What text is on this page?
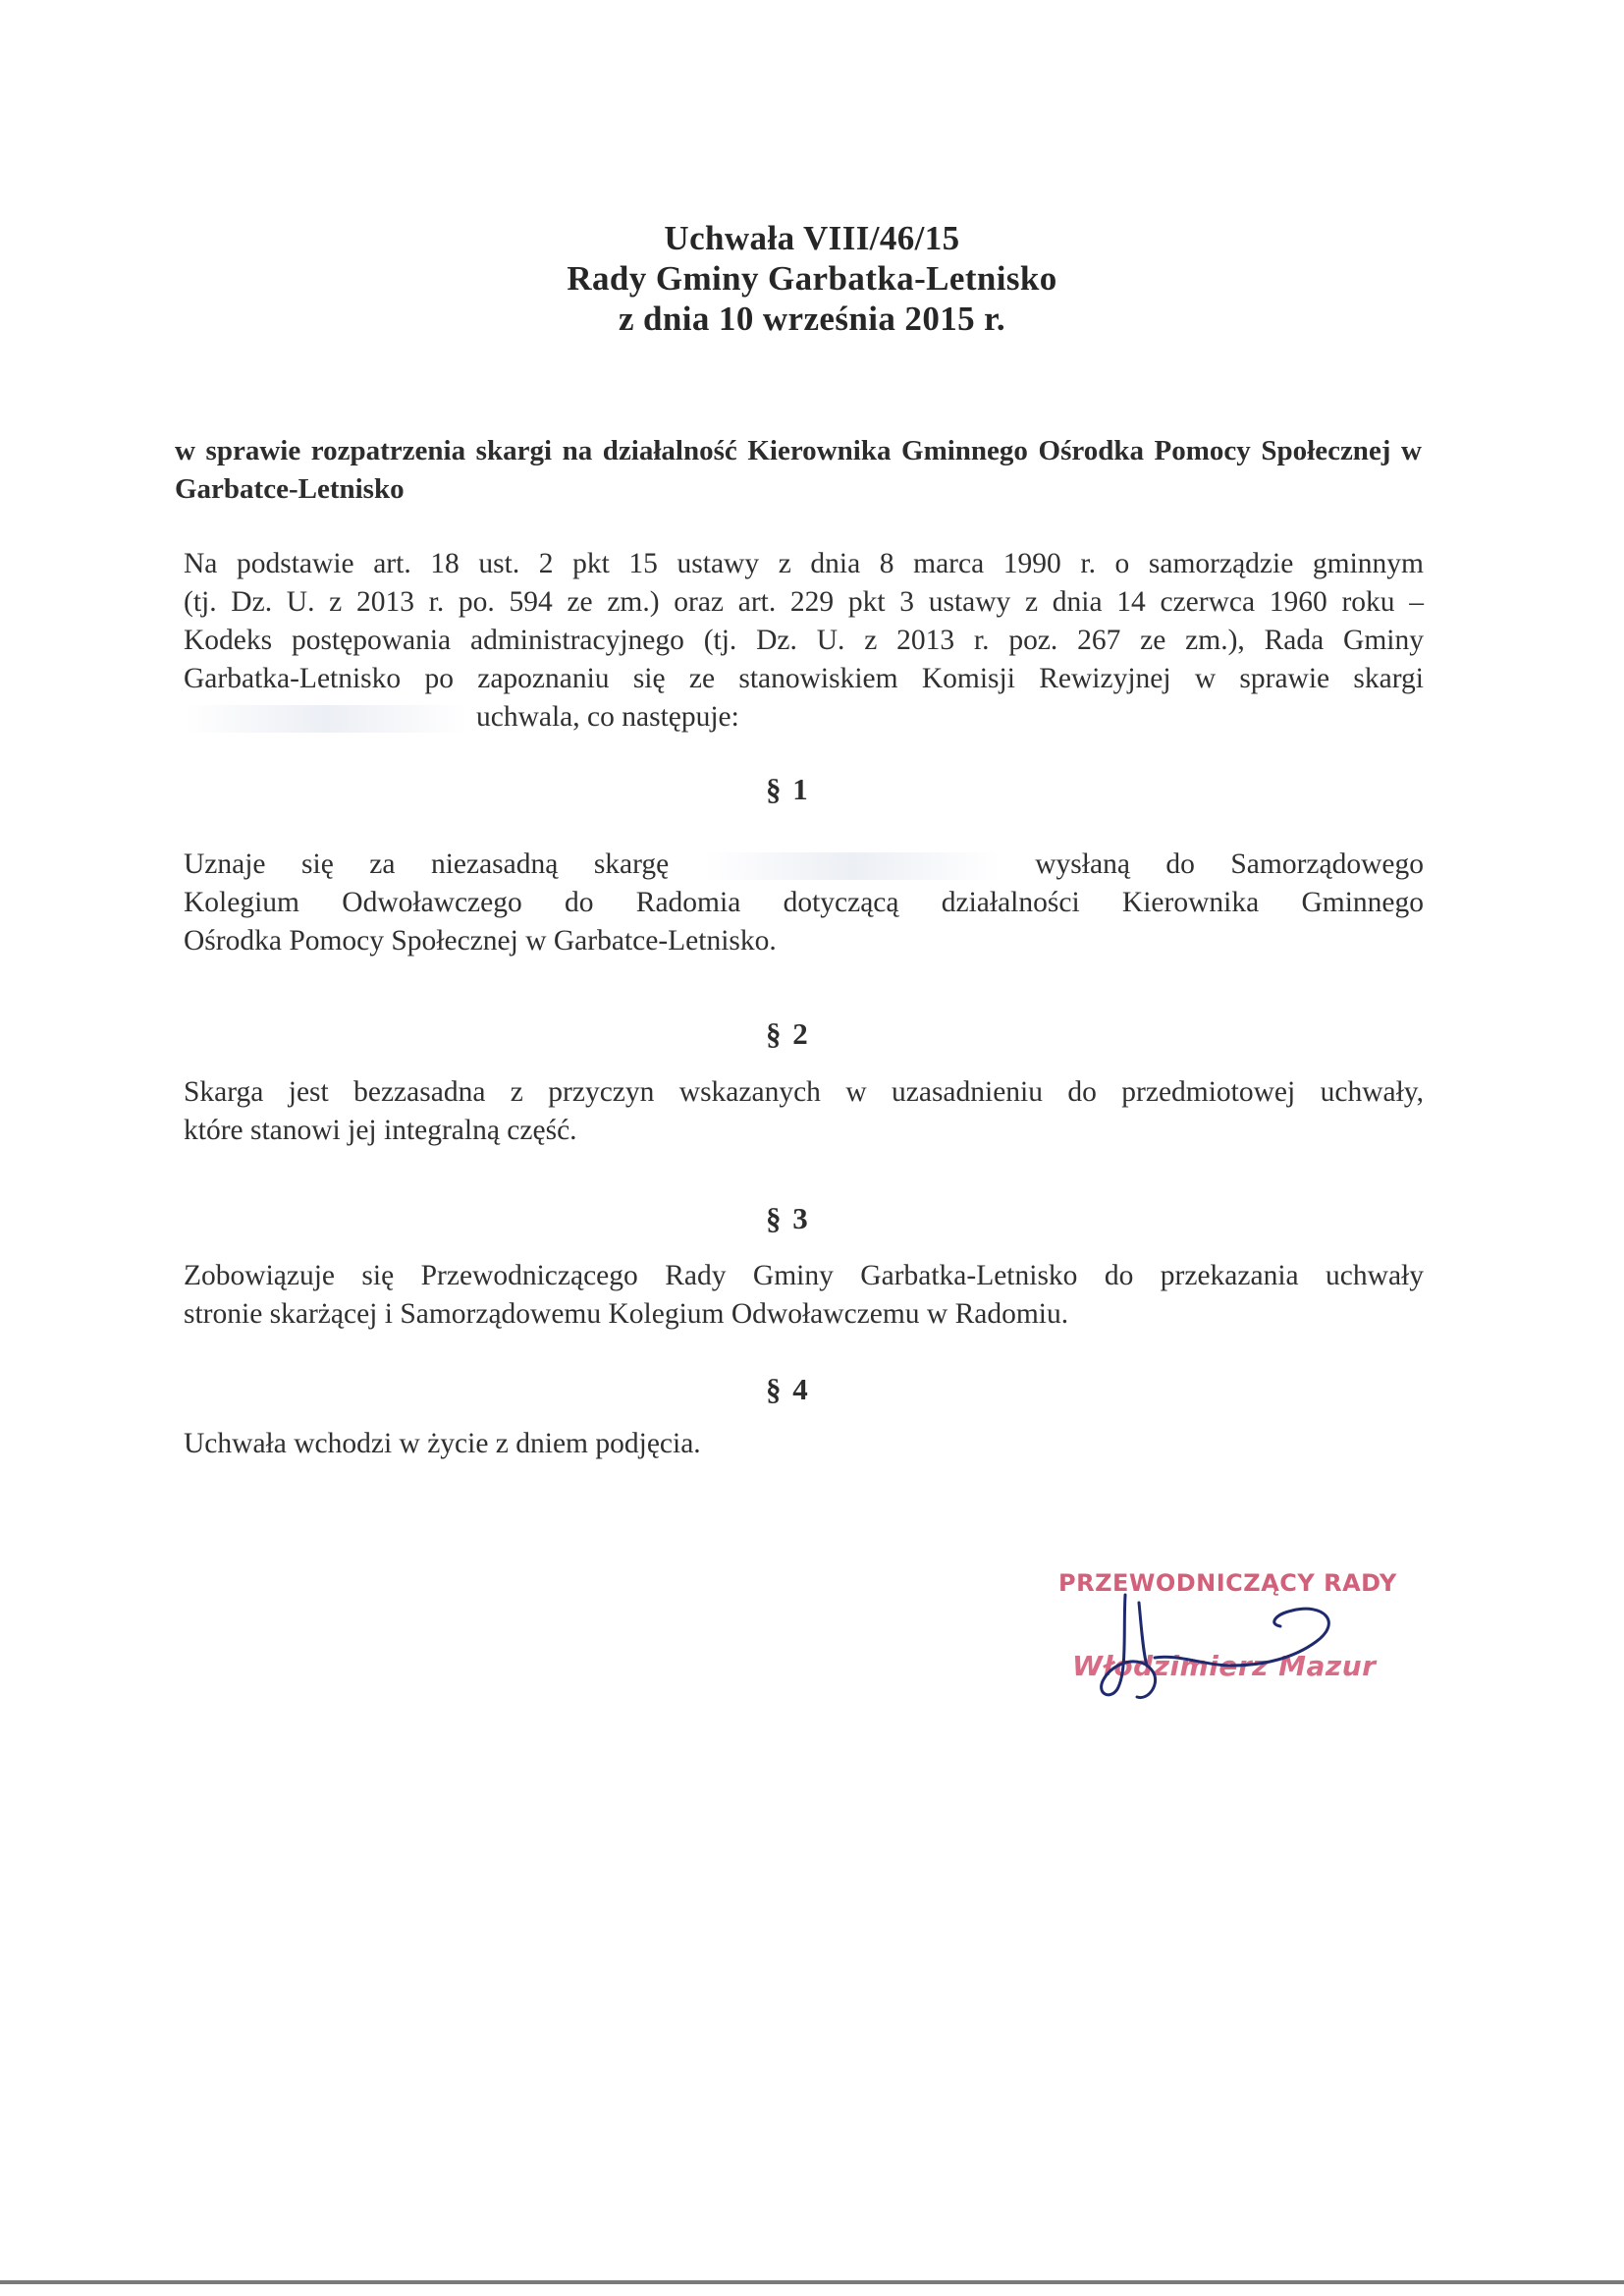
Uchwała VIII/46/15
Rady Gminy Garbatka-Letnisko
z dnia 10 września 2015 r.
w sprawie rozpatrzenia skargi na działalność Kierownika Gminnego Ośrodka Pomocy Społecznej w Garbatce-Letnisko
Na podstawie art. 18 ust. 2 pkt 15 ustawy z dnia 8 marca 1990 r. o samorządzie gminnym
(tj. Dz. U. z 2013 r. po. 594 ze zm.) oraz art. 229 pkt 3 ustawy z dnia 14 czerwca 1960 roku –
Kodeks postępowania administracyjnego (tj. Dz. U. z 2013 r. poz. 267 ze zm.), Rada Gminy
Garbatka-Letnisko po zapoznaniu się ze stanowiskiem Komisji Rewizyjnej w sprawie skargi
uchwala, co następuje:
§ 1
Uznaje się za niezasadną skargę	wysłaną do Samorządowego
Kolegium Odwoławczego do Radomia dotyczącą działalności Kierownika Gminnego
Ośrodka Pomocy Społecznej w Garbatce-Letnisko.
§ 2
Skarga jest bezzasadna z przyczyn wskazanych w uzasadnieniu do przedmiotowej uchwały,
które stanowi jej integralną część.
§ 3
Zobowiązuje się Przewodniczącego Rady Gminy Garbatka-Letnisko do przekazania uchwały
stronie skarżącej i Samorządowemu Kolegium Odwoławczemu w Radomiu.
§ 4
Uchwała wchodzi w życie z dniem podjęcia.
PRZEWODNICZĄCY RADY
Włodzimierz Mazur
